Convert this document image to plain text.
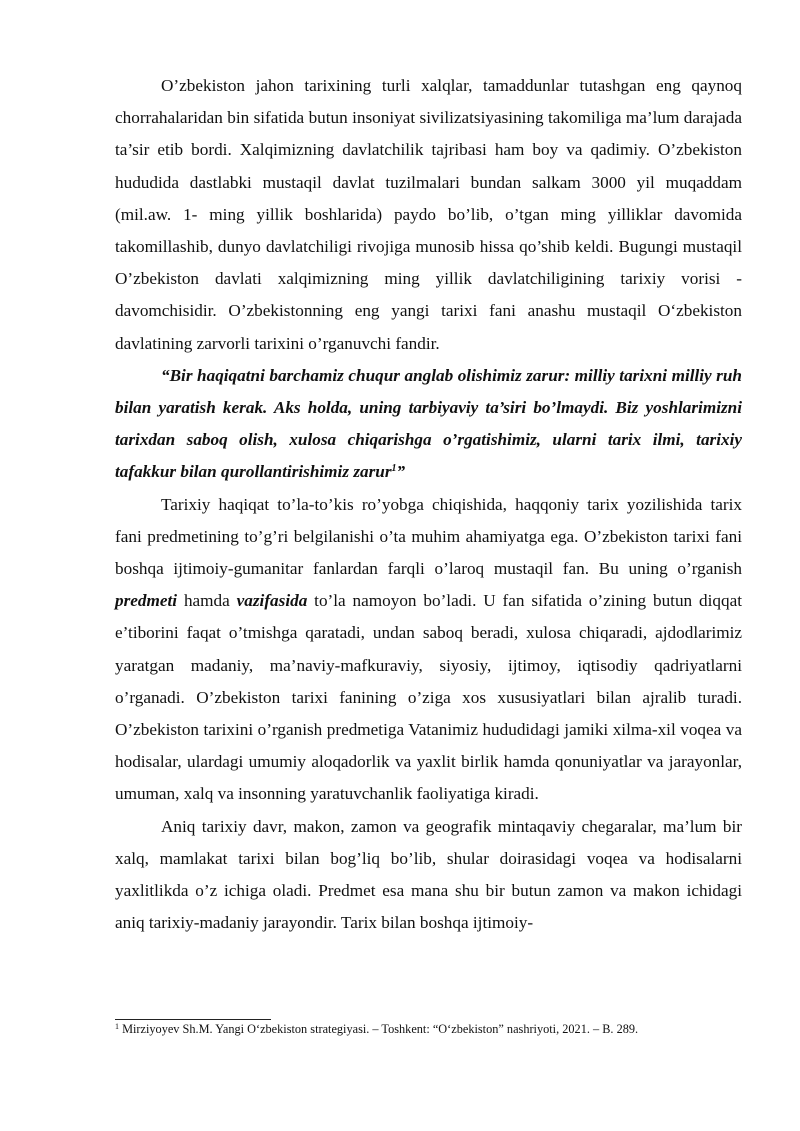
O’zbekiston jahon tarixining turli xalqlar, tamaddunlar tutashgan eng qaynoq chorrahalaridan bin sifatida butun insoniyat sivilizatsiyasining takomiliga ma’lum darajada ta’sir etib bordi. Xalqimizning davlatchilik tajribasi ham boy va qadimiy. O’zbekiston hududida dastlabki mustaqil davlat tuzilmalari bundan salkam 3000 yil muqaddam (mil.aw. 1- ming yillik boshlarida) paydo bo’lib, o’tgan ming yilliklar davomida takomillashib, dunyo davlatchiligi rivojiga munosib hissa qo’shib keldi. Bugungi mustaqil O’zbekiston davlati xalqimizning ming yillik davlatchiligining tarixiy vorisi - davomchisidir. O’zbekistonning eng yangi tarixi fani anashu mustaqil O‘zbekiston davlatining zarvorli tarixini o’rganuvchi fandir.

“Bir haqiqatni barchamiz chuqur anglab olishimiz zarur: milliy tarixni milliy ruh bilan yaratish kerak. Aks holda, uning tarbiyaviy ta’siri bo’lmaydi. Biz yoshlarimizni tarixdan saboq olish, xulosa chiqarishga o’rgatishimiz, ularni tarix ilmi, tarixiy tafakkur bilan qurollantirishimiz zarur$^1$”

Tarixiy haqiqat to’la-to’kis ro’yobga chiqishida, haqqoniy tarix yozilishida tarix fani predmetining to’g’ri belgilanishi o’ta muhim ahamiyatga ega. O’zbekiston tarixi fani boshqa ijtimoiy-gumanitar fanlardan farqli o’laroq mustaqil fan. Bu uning o’rganish predmeti hamda vazifasida to’la namoyon bo’ladi. U fan sifatida o’zining butun diqqat e’tiborini faqat o’tmishga qaratadi, undan saboq beradi, xulosa chiqaradi, ajdodlarimiz yaratgan madaniy, ma’naviy-mafkuraviy, siyosiy, ijtimoy, iqtisodiy qadriyatlarni o’rganadi. O’zbekiston tarixi fanining o’ziga xos xususiyatlari bilan ajralib turadi. O’zbekiston tarixini o’rganish predmetiga Vatanimiz hududidagi jamiki xilma-xil voqea va hodisalar, ulardagi umumiy aloqadorlik va yaxlit birlik hamda qonuniyatlar va jarayonlar, umuman, xalq va insonning yaratuvchanlik faoliyatiga kiradi.

Aniq tarixiy davr, makon, zamon va geografik mintaqaviy chegaralar, ma’lum bir xalq, mamlakat tarixi bilan bog’liq bo’lib, shular doirasidagi voqea va hodisalarni yaxlitlikda o’z ichiga oladi. Predmet esa mana shu bir butun zamon va makon ichidagi aniq tarixiy-madaniy jarayondir. Tarix bilan boshqa ijtimoiy-

$^1$ Mirziyoyev Sh.M. Yangi O‘zbekiston strategiyasi. – Toshkent: “O‘zbekiston” nashriyoti, 2021. – B. 289.
